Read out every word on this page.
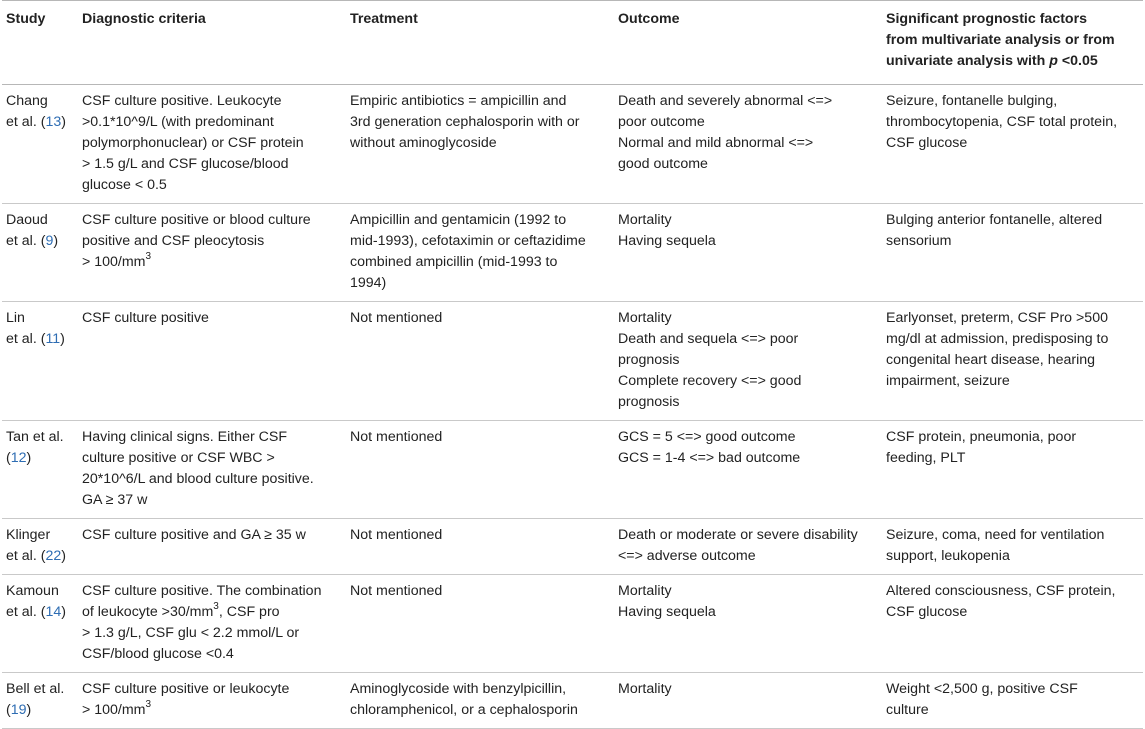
Study	Diagnostic criteria	Treatment	Outcome	Significant prognostic factors
from multivariate analysis or from
univariate analysis with p <0.05

Chang
et al. (13)	CSF culture positive. Leukocyte
>0.1*10^9/L (with predominant
polymorphonuclear) or CSF protein
> 1.5 g/L and CSF glucose/blood
glucose < 0.5	Empiric antibiotics = ampicillin and
3rd generation cephalosporin with or
without aminoglycoside	Death and severely abnormal <=>
poor outcome
Normal and mild abnormal <=>
good outcome	Seizure, fontanelle bulging,
thrombocytopenia, CSF total protein,
CSF glucose

Daoud
et al. (9)	CSF culture positive or blood culture
positive and CSF pleocytosis
> $100/mm^3$	Ampicillin and gentamicin (1992 to
mid-1993), cefotaximin or ceftazidime
combined ampicillin (mid-1993 to
1994)	Mortality
Having sequela	Bulging anterior fontanelle, altered
sensorium

Lin
et al. (11)	CSF culture positive	Not mentioned	Mortality
Death and sequela <=> poor
prognosis
Complete recovery <=> good
prognosis	Earlyonset, preterm, CSF Pro >500
mg/dl at admission, predisposing to
congenital heart disease, hearing
impairment, seizure

Tan et al.
(12)	Having clinical signs. Either CSF
culture positive or CSF WBC >
20*10^6/L and blood culture positive.
GA ≥ 37 w	Not mentioned	GCS = 5 <=> good outcome
GCS = 1-4 <=> bad outcome	CSF protein, pneumonia, poor
feeding, PLT

Klinger
et al. (22)	CSF culture positive and GA ≥ 35 w	Not mentioned	Death or moderate or severe disability
<=> adverse outcome	Seizure, coma, need for ventilation
support, leukopenia

Kamoun
et al. (14)	CSF culture positive. The combination
of leukocyte $>30/mm^3$, CSF pro
> 1.3 g/L, CSF glu < 2.2 mmol/L or
CSF/blood glucose <0.4	Not mentioned	Mortality
Having sequela	Altered consciousness, CSF protein,
CSF glucose

Bell et al.
(19)	CSF culture positive or leukocyte
> $100/mm^3$	Aminoglycoside with benzylpicillin,
chloramphenicol, or a cephalosporin	Mortality	Weight <2,500 g, positive CSF
culture
